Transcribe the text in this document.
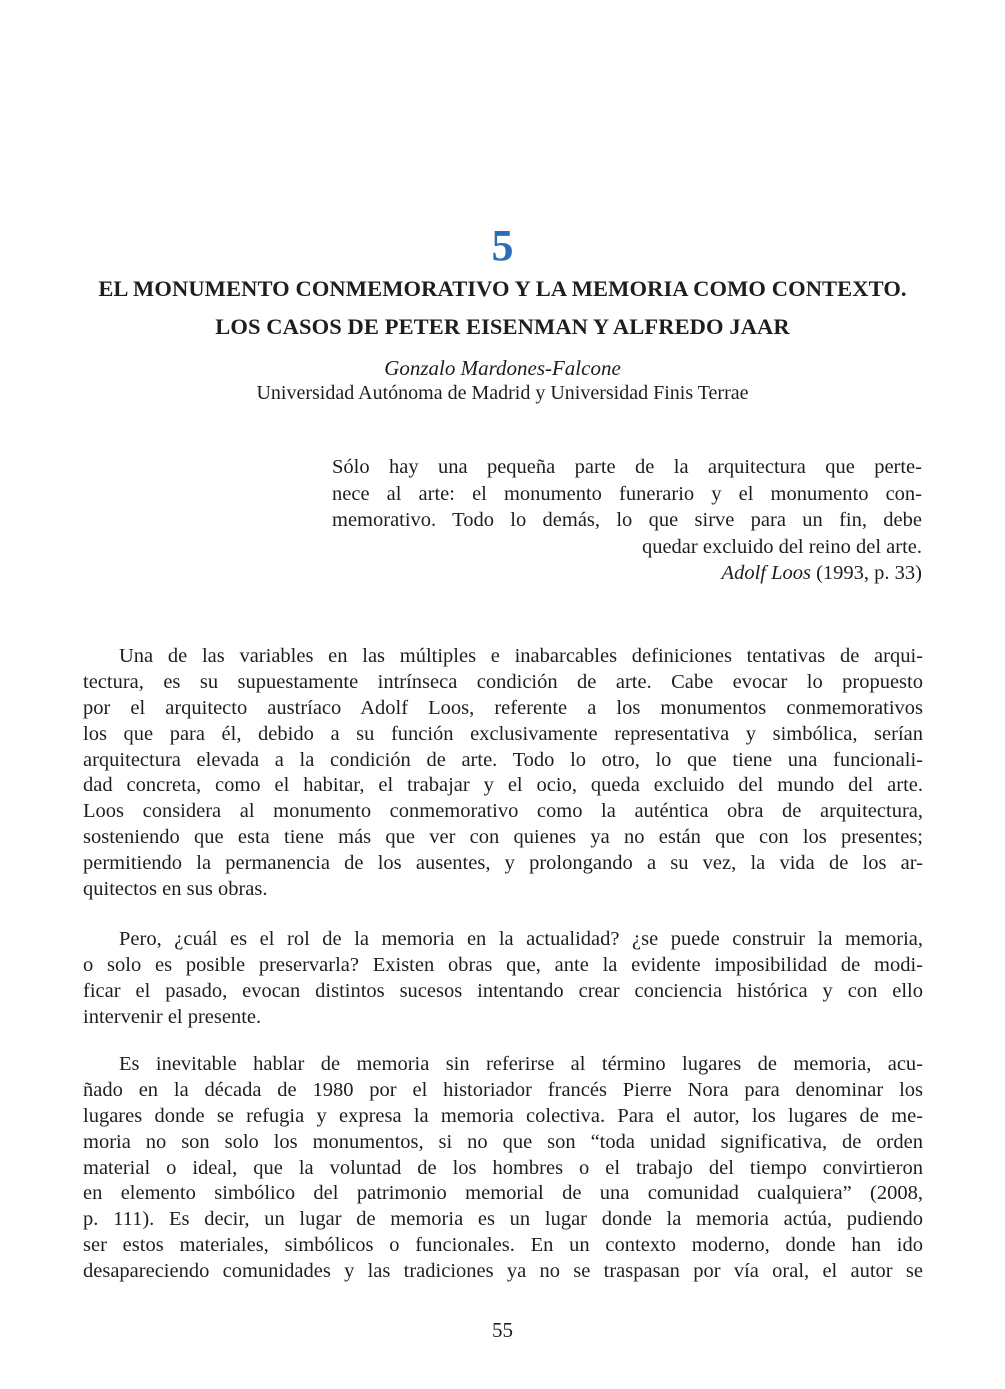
5
EL MONUMENTO CONMEMORATIVO Y LA MEMORIA COMO CONTEXTO.
LOS CASOS DE PETER EISENMAN Y ALFREDO JAAR
Gonzalo Mardones-Falcone
Universidad Autónoma de Madrid y Universidad Finis Terrae
Sólo hay una pequeña parte de la arquitectura que perte-
nece al arte: el monumento funerario y el monumento con-
memorativo. Todo lo demás, lo que sirve para un fin, debe
quedar excluido del reino del arte.
Adolf Loos (1993, p. 33)
Una de las variables en las múltiples e inabarcables definiciones tentativas de arqui-
tectura, es su supuestamente intrínseca condición de arte. Cabe evocar lo propuesto
por el arquitecto austríaco Adolf Loos, referente a los monumentos conmemorativos
los que para él, debido a su función exclusivamente representativa y simbólica, serían
arquitectura elevada a la condición de arte. Todo lo otro, lo que tiene una funcionali-
dad concreta, como el habitar, el trabajar y el ocio, queda excluido del mundo del arte.
Loos considera al monumento conmemorativo como la auténtica obra de arquitectura,
sosteniendo que esta tiene más que ver con quienes ya no están que con los presentes;
permitiendo la permanencia de los ausentes, y prolongando a su vez, la vida de los ar-
quitectos en sus obras.
Pero, ¿cuál es el rol de la memoria en la actualidad? ¿se puede construir la memoria,
o solo es posible preservarla? Existen obras que, ante la evidente imposibilidad de modi-
ficar el pasado, evocan distintos sucesos intentando crear conciencia histórica y con ello
intervenir el presente.
Es inevitable hablar de memoria sin referirse al término lugares de memoria, acu-
ñado en la década de 1980 por el historiador francés Pierre Nora para denominar los
lugares donde se refugia y expresa la memoria colectiva. Para el autor, los lugares de me-
moria no son solo los monumentos, si no que son “toda unidad significativa, de orden
material o ideal, que la voluntad de los hombres o el trabajo del tiempo convirtieron
en elemento simbólico del patrimonio memorial de una comunidad cualquiera” (2008,
p. 111). Es decir, un lugar de memoria es un lugar donde la memoria actúa, pudiendo
ser estos materiales, simbólicos o funcionales. En un contexto moderno, donde han ido
desapareciendo comunidades y las tradiciones ya no se traspasan por vía oral, el autor se
55
